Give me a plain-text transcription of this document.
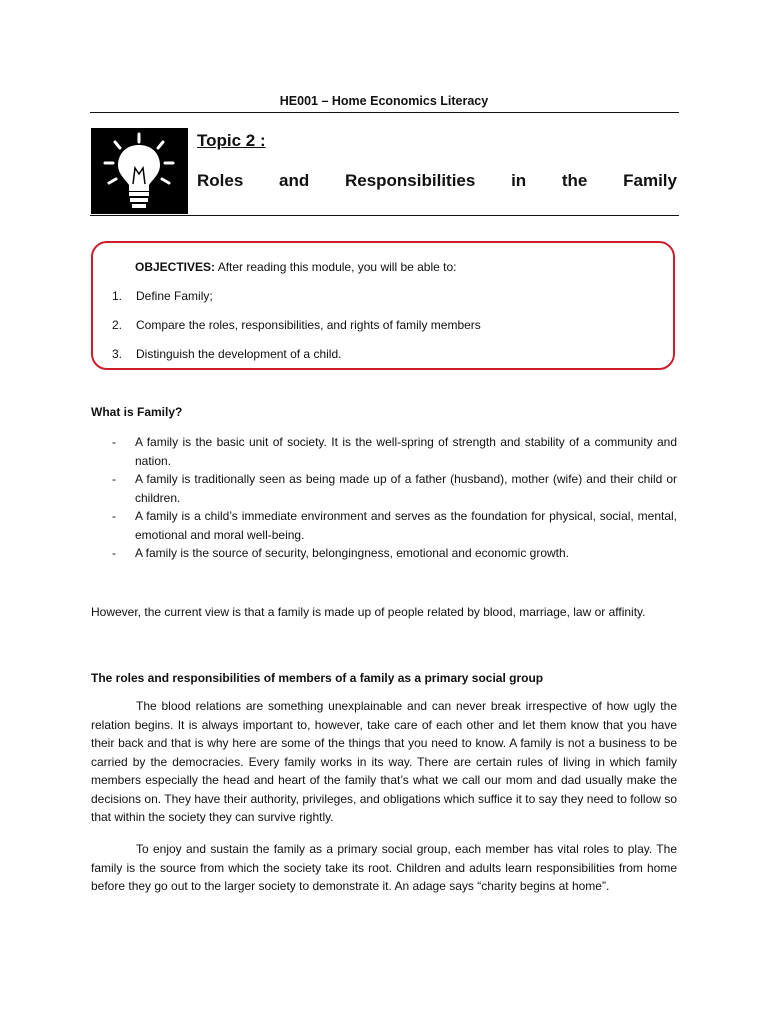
HE001 – Home Economics Literacy
Topic 2 :
Roles and Responsibilities in the Family
OBJECTIVES: After reading this module, you will be able to:
1. Define Family;
2. Compare the roles, responsibilities, and rights of family members
3. Distinguish the development of a child.
What is Family?
-	A family is the basic unit of society. It is the well-spring of strength and stability of a community and nation.
-	A family is traditionally seen as being made up of a father (husband), mother (wife) and their child or children.
-	A family is a child’s immediate environment and serves as the foundation for physical, social, mental, emotional and moral well-being.
-	A family is the source of security, belongingness, emotional and economic growth.
However, the current view is that a family is made up of people related by blood, marriage, law or affinity.
The roles and responsibilities of members of a family as a primary social group
The blood relations are something unexplainable and can never break irrespective of how ugly the relation begins. It is always important to, however, take care of each other and let them know that you have their back and that is why here are some of the things that you need to know. A family is not a business to be carried by the democracies. Every family works in its way. There are certain rules of living in which family members especially the head and heart of the family that’s what we call our mom and dad usually make the decisions on. They have their authority, privileges, and obligations which suffice it to say they need to follow so that within the society they can survive rightly.
To enjoy and sustain the family as a primary social group, each member has vital roles to play. The family is the source from which the society take its root. Children and adults learn responsibilities from home before they go out to the larger society to demonstrate it. An adage says “charity begins at home”.
